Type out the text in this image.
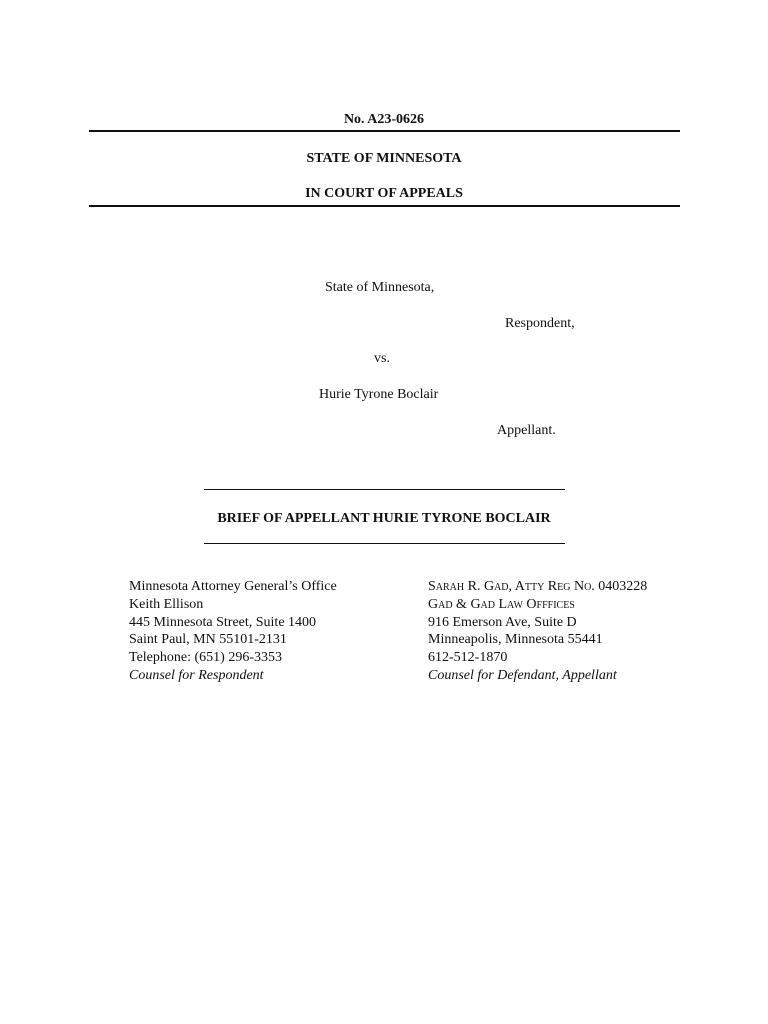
No. A23-0626
STATE OF MINNESOTA
IN COURT OF APPEALS
State of Minnesota,
Respondent,
vs.
Hurie Tyrone Boclair
Appellant.
BRIEF OF APPELLANT HURIE TYRONE BOCLAIR
Minnesota Attorney General’s Office
Keith Ellison
445 Minnesota Street, Suite 1400
Saint Paul, MN 55101-2131
Telephone: (651) 296-3353
Counsel for Respondent
Sarah R. Gad, Atty Reg No. 0403228
Gad & Gad Law Offfices
916 Emerson Ave, Suite D
Minneapolis, Minnesota 55441
612-512-1870
Counsel for Defendant, Appellant
